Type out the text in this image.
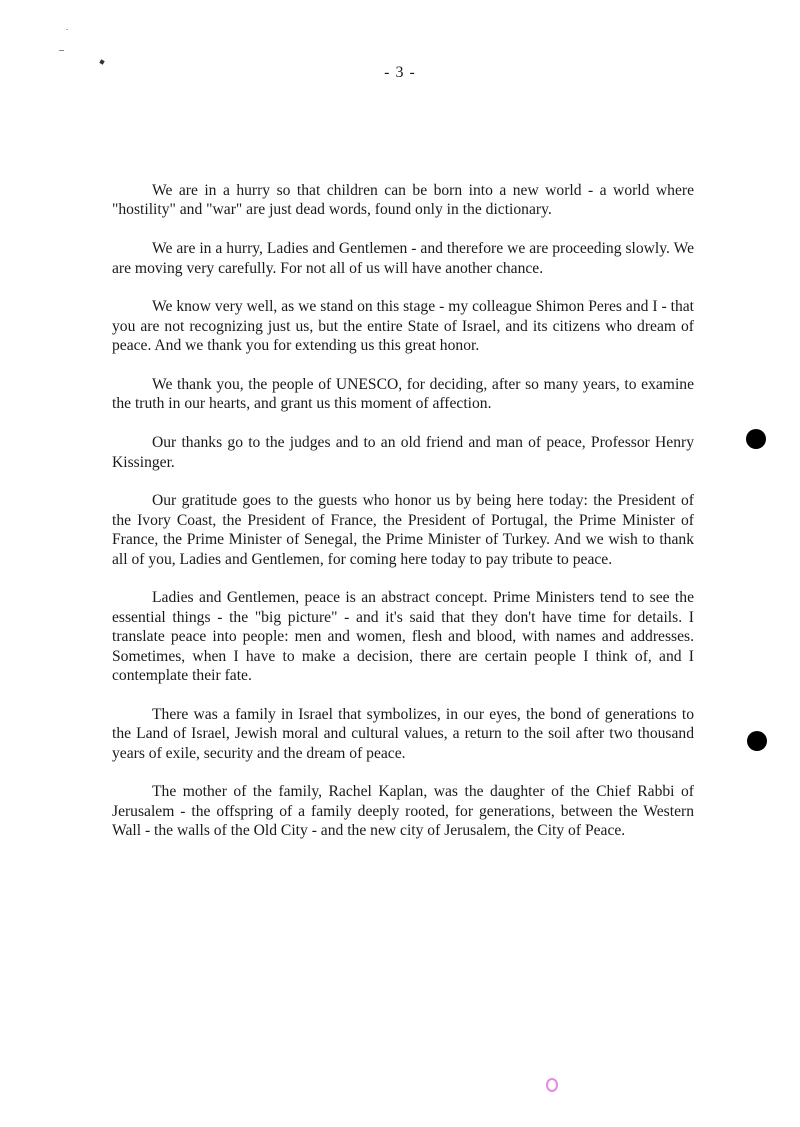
- 3 -

We are in a hurry so that children can be born into a new world - a world where "hostility" and "war" are just dead words, found only in the dictionary.

We are in a hurry, Ladies and Gentlemen - and therefore we are proceeding slowly. We are moving very carefully. For not all of us will have another chance.

We know very well, as we stand on this stage - my colleague Shimon Peres and I - that you are not recognizing just us, but the entire State of Israel, and its citizens who dream of peace. And we thank you for extending us this great honor.

We thank you, the people of UNESCO, for deciding, after so many years, to examine the truth in our hearts, and grant us this moment of affection.

Our thanks go to the judges and to an old friend and man of peace, Professor Henry Kissinger.

Our gratitude goes to the guests who honor us by being here today: the President of the Ivory Coast, the President of France, the President of Portugal, the Prime Minister of France, the Prime Minister of Senegal, the Prime Minister of Turkey. And we wish to thank all of you, Ladies and Gentlemen, for coming here today to pay tribute to peace.

Ladies and Gentlemen, peace is an abstract concept. Prime Ministers tend to see the essential things - the "big picture" - and it's said that they don't have time for details. I translate peace into people: men and women, flesh and blood, with names and addresses. Sometimes, when I have to make a decision, there are certain people I think of, and I contemplate their fate.

There was a family in Israel that symbolizes, in our eyes, the bond of generations to the Land of Israel, Jewish moral and cultural values, a return to the soil after two thousand years of exile, security and the dream of peace.

The mother of the family, Rachel Kaplan, was the daughter of the Chief Rabbi of Jerusalem - the offspring of a family deeply rooted, for generations, between the Western Wall - the walls of the Old City - and the new city of Jerusalem, the City of Peace.
